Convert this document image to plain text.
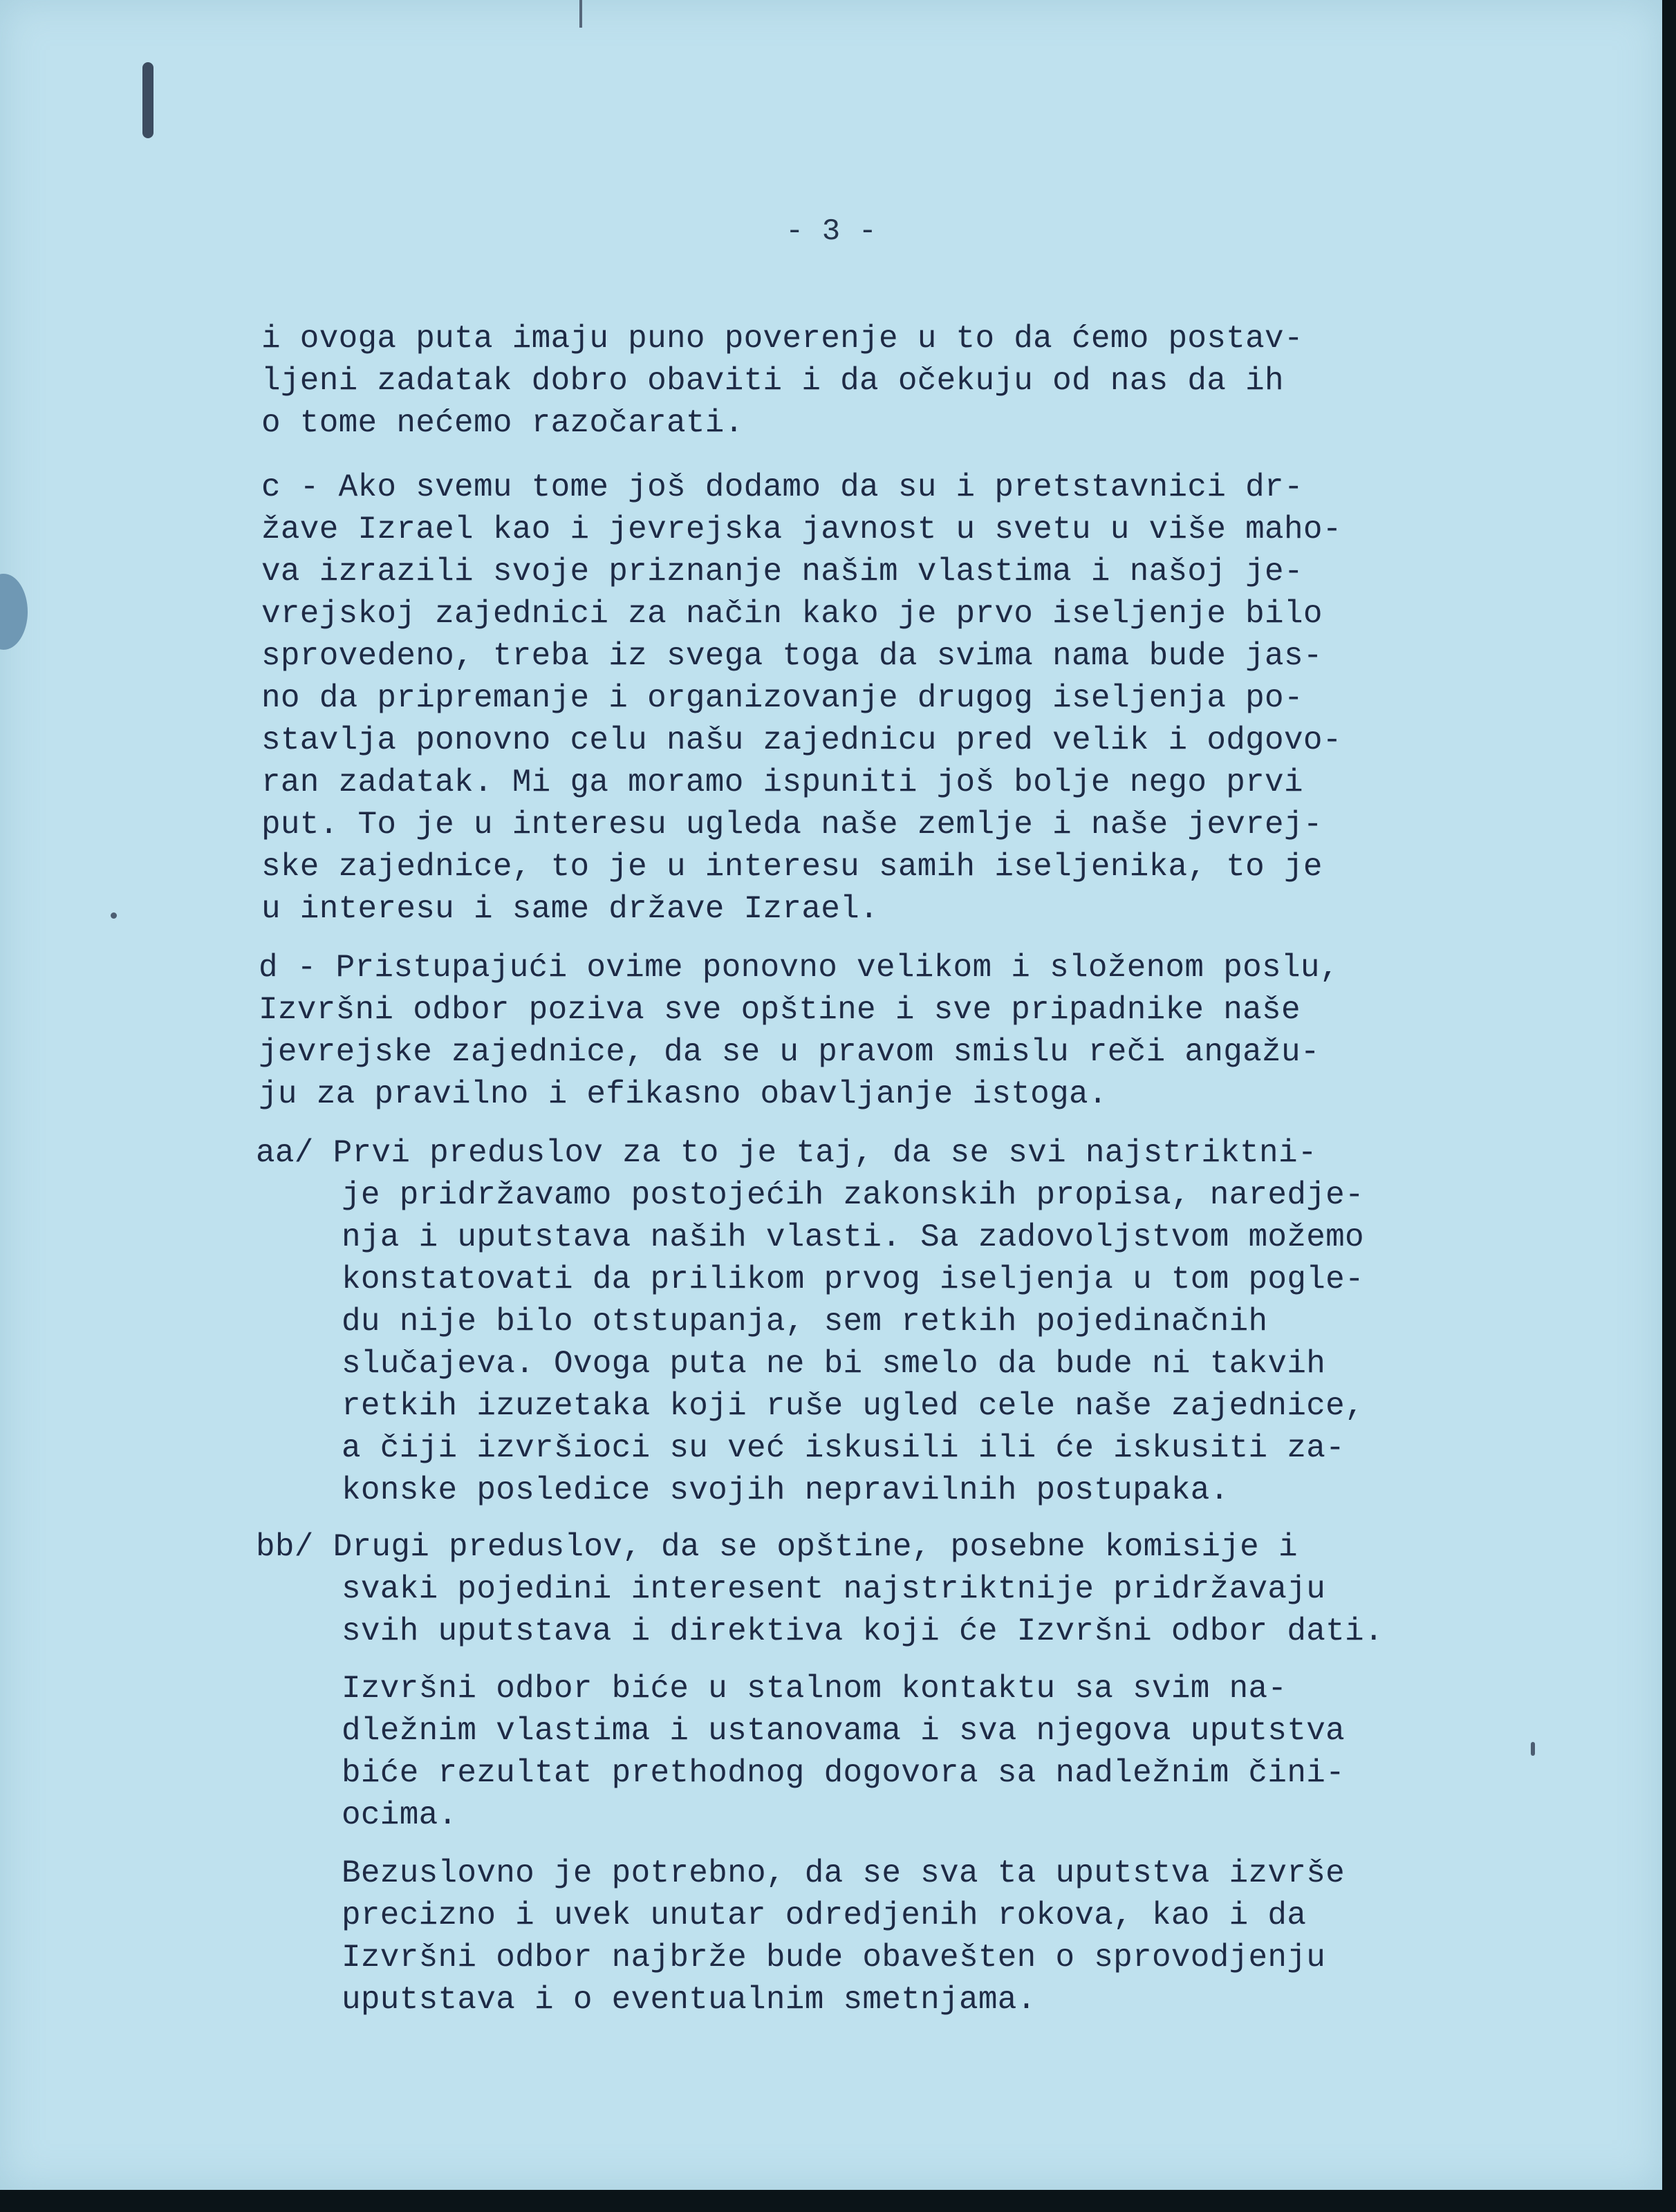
- 3 -
i ovoga puta imaju puno poverenje u to da ćemo postav-
ljeni zadatak dobro obaviti i da očekuju od nas da ih
o tome nećemo razočarati.
c - Ako svemu tome još dodamo da su i pretstavnici dr-
žave Izrael kao i jevrejska javnost u svetu u više maho-
va izrazili svoje priznanje našim vlastima i našoj je-
vrejskoj zajednici za način kako je prvo iseljenje bilo
sprovedeno, treba iz svega toga da svima nama bude jas-
no da pripremanje i organizovanje drugog iseljenja po-
stavlja ponovno celu našu zajednicu pred velik i odgovo-
ran zadatak. Mi ga moramo ispuniti još bolje nego prvi
put. To je u interesu ugleda naše zemlje i naše jevrej-
ske zajednice, to je u interesu samih iseljenika, to je
u interesu i same države Izrael.
d - Pristupajući ovime ponovno velikom i složenom poslu,
Izvršni odbor poziva sve opštine i sve pripadnike naše
jevrejske zajednice, da se u pravom smislu reči angažu-
ju za pravilno i efikasno obavljanje istoga.
aa/ Prvi preduslov za to je taj, da se svi najstriktni-
je pridržavamo postojećih zakonskih propisa, naredje-
nja i uputstava naših vlasti. Sa zadovoljstvom možemo
konstatovati da prilikom prvog iseljenja u tom pogle-
du nije bilo otstupanja, sem retkih pojedinačnih
slučajeva. Ovoga puta ne bi smelo da bude ni takvih
retkih izuzetaka koji ruše ugled cele naše zajednice,
a čiji izvršioci su već iskusili ili će iskusiti za-
konske posledice svojih nepravilnih postupaka.
bb/ Drugi preduslov, da se opštine, posebne komisije i
svaki pojedini interesent najstriktnije pridržavaju
svih uputstava i direktiva koji će Izvršni odbor dati.
Izvršni odbor biće u stalnom kontaktu sa svim na-
dležnim vlastima i ustanovama i sva njegova uputstva
biće rezultat prethodnog dogovora sa nadležnim čini-
ocima.
Bezuslovno je potrebno, da se sva ta uputstva izvrše
precizno i uvek unutar odredjenih rokova, kao i da
Izvršni odbor najbrže bude obavešten o sprovodjenju
uputstava i o eventualnim smetnjama.
